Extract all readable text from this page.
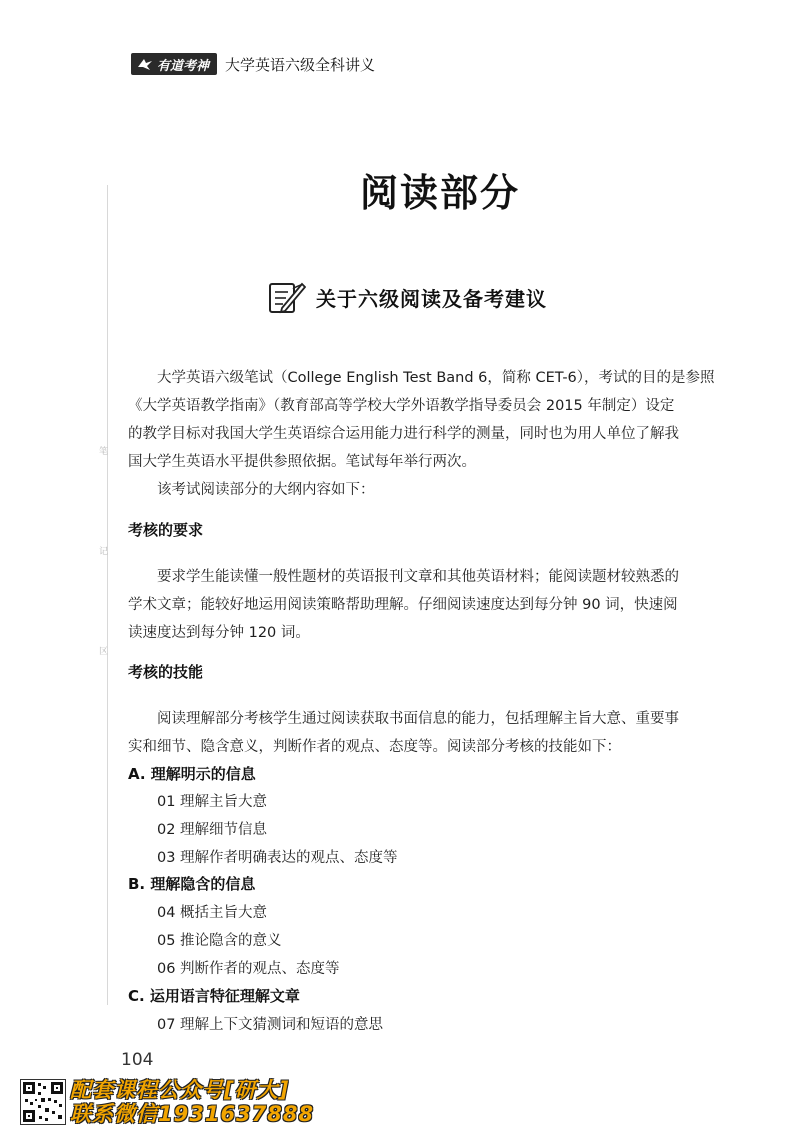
有道考神 大学英语六级全科讲义
笔
记
区
阅读部分
关于六级阅读及备考建议

大学英语六级笔试（College English Test Band 6，简称 CET-6），考试的目的是参照

《大学英语教学指南》（教育部高等学校大学外语教学指导委员会 2015 年制定）设定

的教学目标对我国大学生英语综合运用能力进行科学的测量，同时也为用人单位了解我

国大学生英语水平提供参照依据。笔试每年举行两次。

该考试阅读部分的大纲内容如下：

考核的要求

要求学生能读懂一般性题材的英语报刊文章和其他英语材料；能阅读题材较熟悉的

学术文章；能较好地运用阅读策略帮助理解。仔细阅读速度达到每分钟 90 词，快速阅

读速度达到每分钟 120 词。

考核的技能

阅读理解部分考核学生通过阅读获取书面信息的能力，包括理解主旨大意、重要事

实和细节、隐含意义，判断作者的观点、态度等。阅读部分考核的技能如下：

A. 理解明示的信息
01 理解主旨大意
02 理解细节信息
03 理解作者明确表达的观点、态度等
B. 理解隐含的信息
04 概括主旨大意
05 推论隐含的意义
06 判断作者的观点、态度等
C. 运用语言特征理解文章
07 理解上下文猜测词和短语的意思
104
配套课程公众号[研大]
联系微信1931637888
